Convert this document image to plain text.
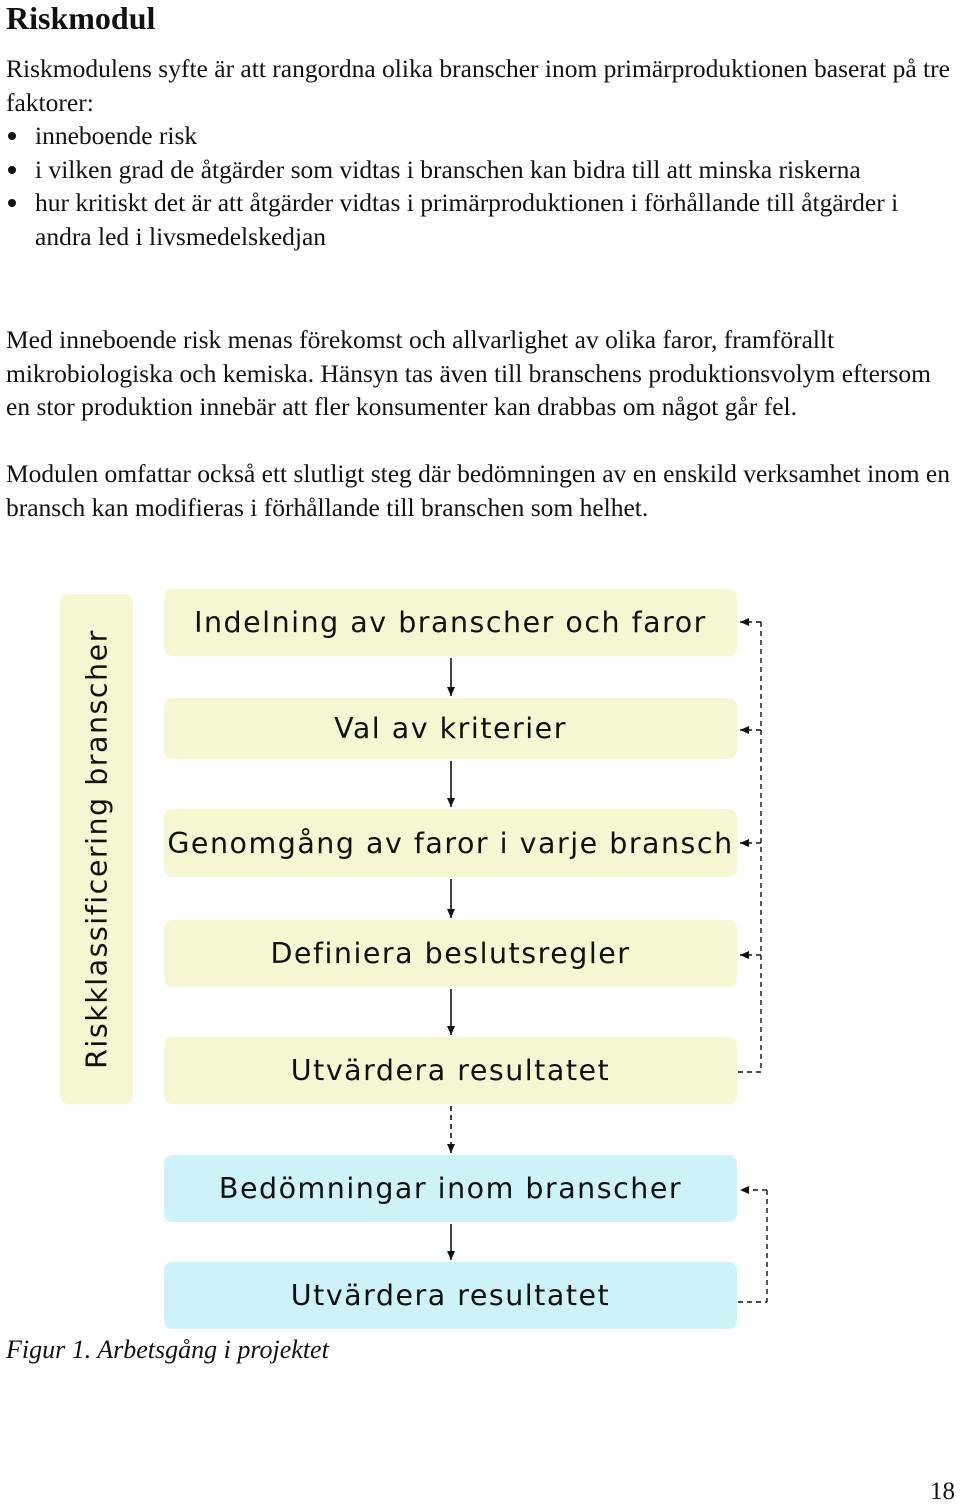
Riskmodul

Riskmodulens syfte är att rangordna olika branscher inom primärproduktionen baserat på tre faktorer:

inneboende risk
i vilken grad de åtgärder som vidtas i branschen kan bidra till att minska riskerna
hur kritiskt det är att åtgärder vidtas i primärproduktionen i förhållande till åtgärder i andra led i livsmedelskedjan

Med inneboende risk menas förekomst och allvarlighet av olika faror, framförallt mikrobiologiska och kemiska. Hänsyn tas även till branschens produktionsvolym eftersom en stor produktion innebär att fler konsumenter kan drabbas om något går fel.

Modulen omfattar också ett slutligt steg där bedömningen av en enskild verksamhet inom en bransch kan modifieras i förhållande till branschen som helhet.

Riskklassificering branscher
Indelning av branscher och faror
Val av kriterier
Genomgång av faror i varje bransch
Definiera beslutsregler
Utvärdera resultatet
Bedömningar inom branscher
Utvärdera resultatet
Figur 1. Arbetsgång i projektet
18
